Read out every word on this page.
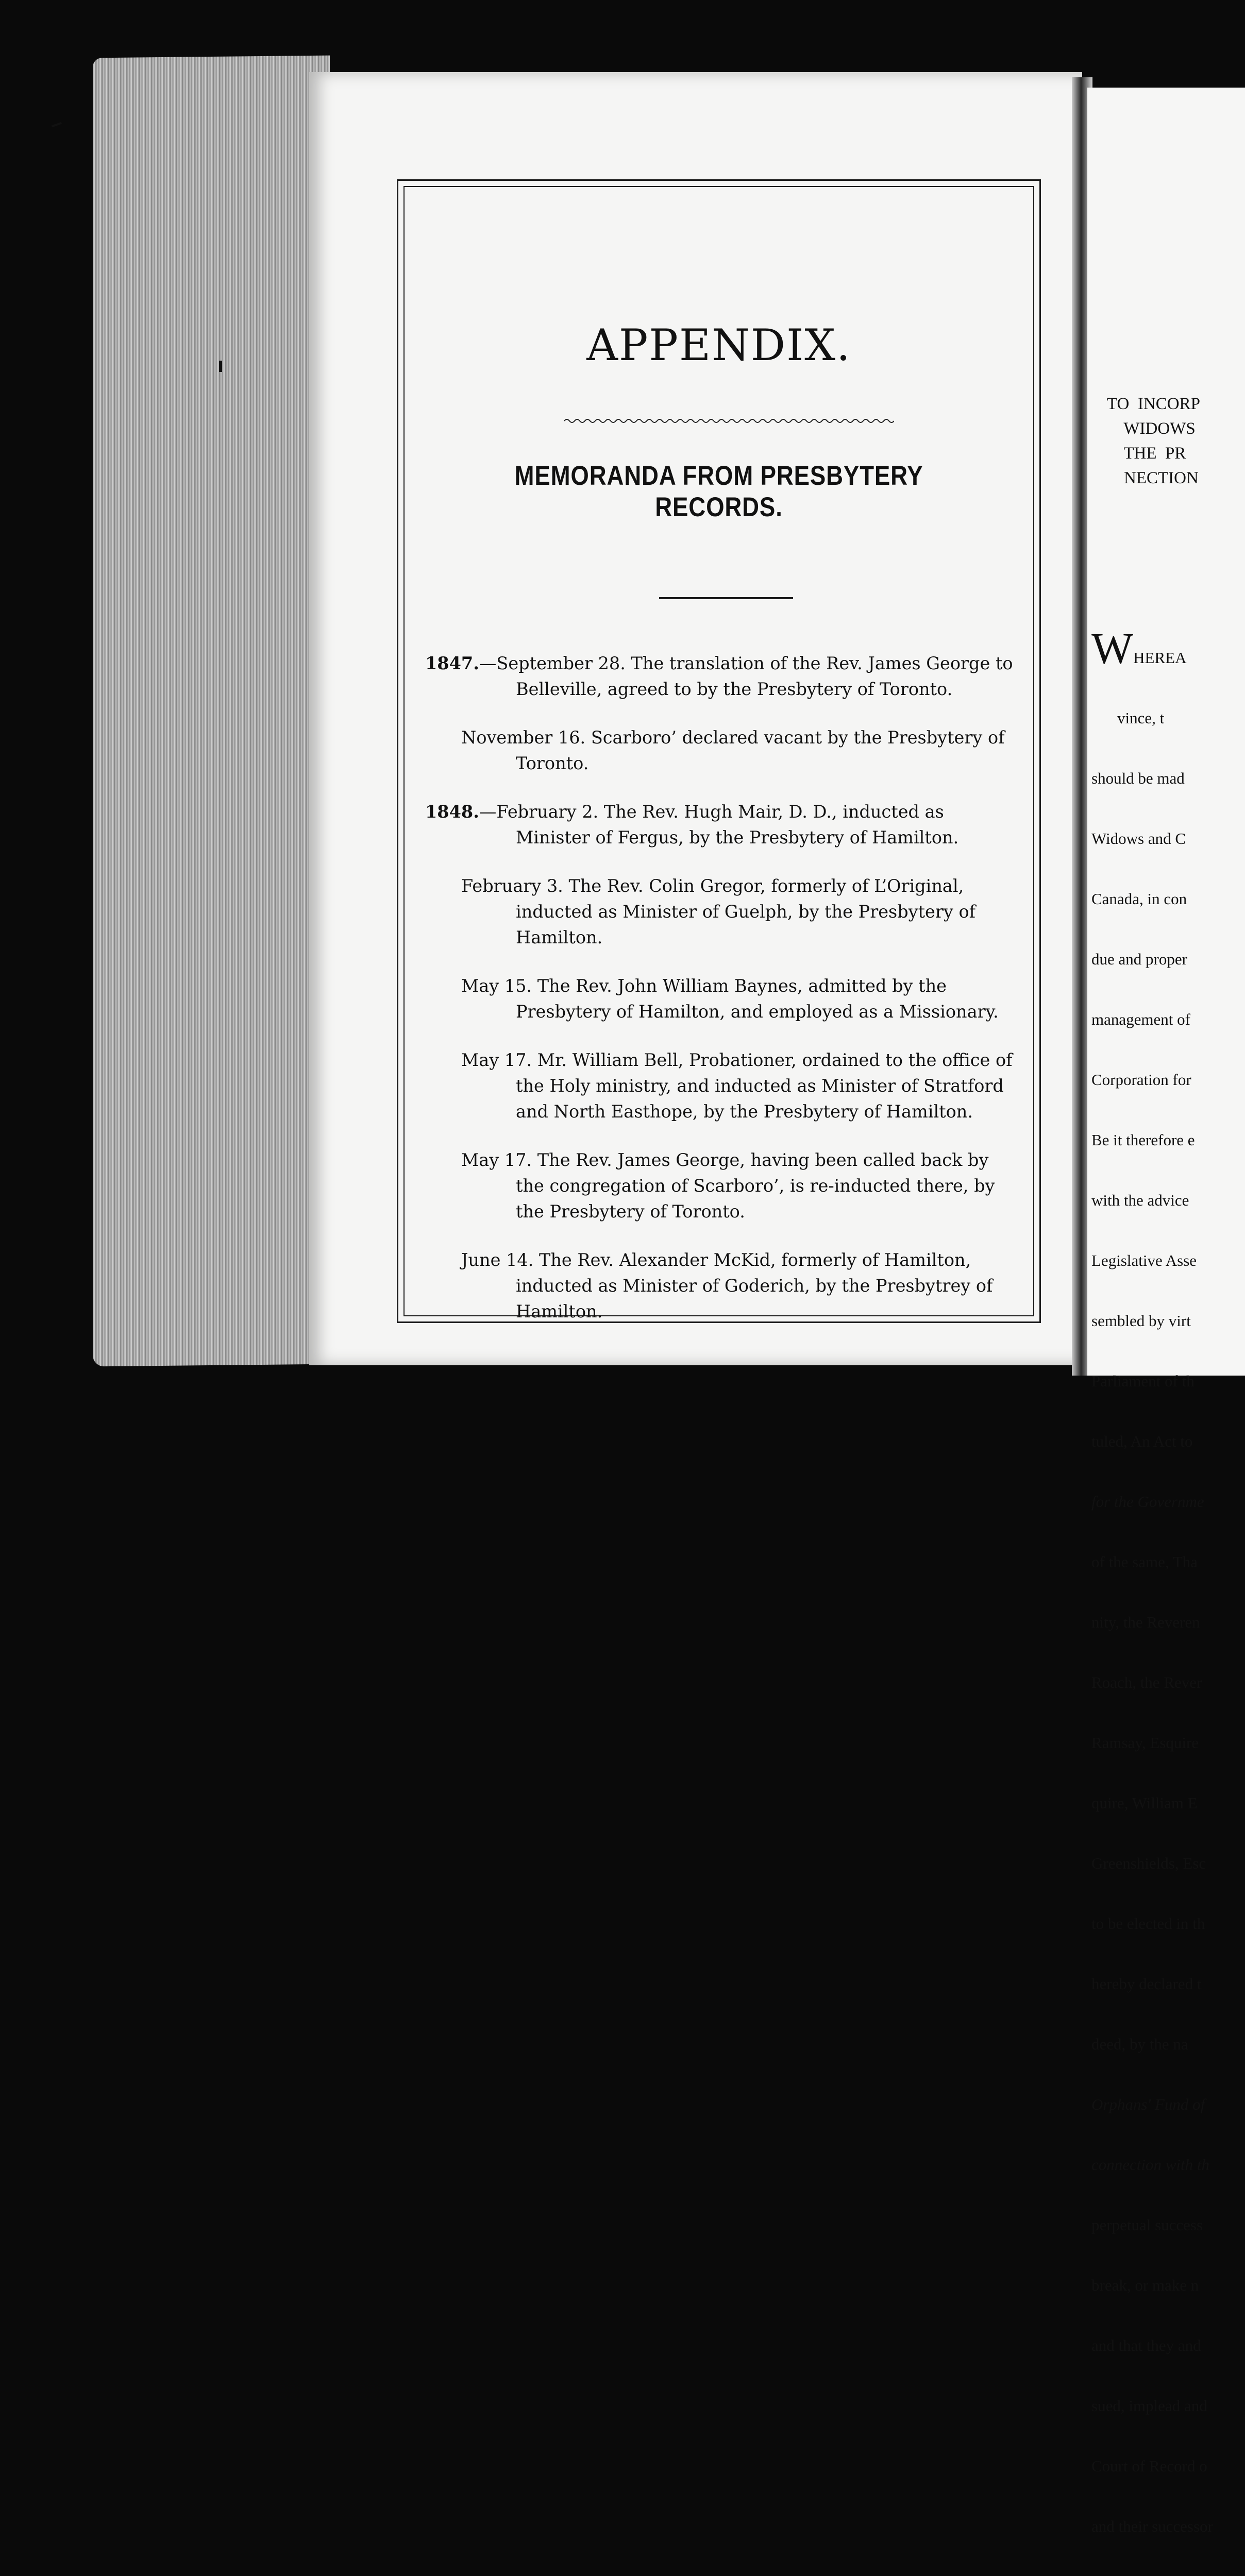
APPENDIX.
MEMORANDA FROM PRESBYTERY RECORDS.
1847.—September 28. The translation of the Rev. James George to Belleville, agreed to by the Presbytery of Toronto.
November 16. Scarboro’ declared vacant by the Presbytery of Toronto.
1848.—February 2. The Rev. Hugh Mair, D. D., inducted as Minister of Fergus, by the Presbytery of Hamilton.
February 3. The Rev. Colin Gregor, formerly of L’Original, inducted as Minister of Guelph, by the Presbytery of Hamilton.
May 15. The Rev. John William Baynes, admitted by the Presbytery of Hamilton, and employed as a Missionary.
May 17. Mr. William Bell, Probationer, ordained to the office of the Holy ministry, and inducted as Minister of Stratford and North Easthope, by the Presbytery of Hamilton.
May 17. The Rev. James George, having been called back by the congregation of Scarboro’, is re-inducted there, by the Presbytery of Toronto.
June 14. The Rev. Alexander McKid, formerly of Hamilton, inducted as Minister of Goderich, by the Presbytrey of Hamilton.
TO  INCORP
WIDOWS
THE  PR
NECTION

WHEREA

vince, t

should be mad

Widows and C

Canada, in con

due and proper

management of

Corporation for

Be it therefore e

with the advice

Legislative Asse

sembled by virt

Parliament of th

tuled, An Act to

for the Governme

of the same, Tha

nity, the Reveren

Roach, the Rever

Ramsay, Esquire

quire, William E

Greenshields, Esc

to be elected in th

hereby declared t

deed, by the na

Orphans' Fund of

connection with th

perpetual success

break, or make n

and that they and

sued, implead and

Court of Record o

and their successor
